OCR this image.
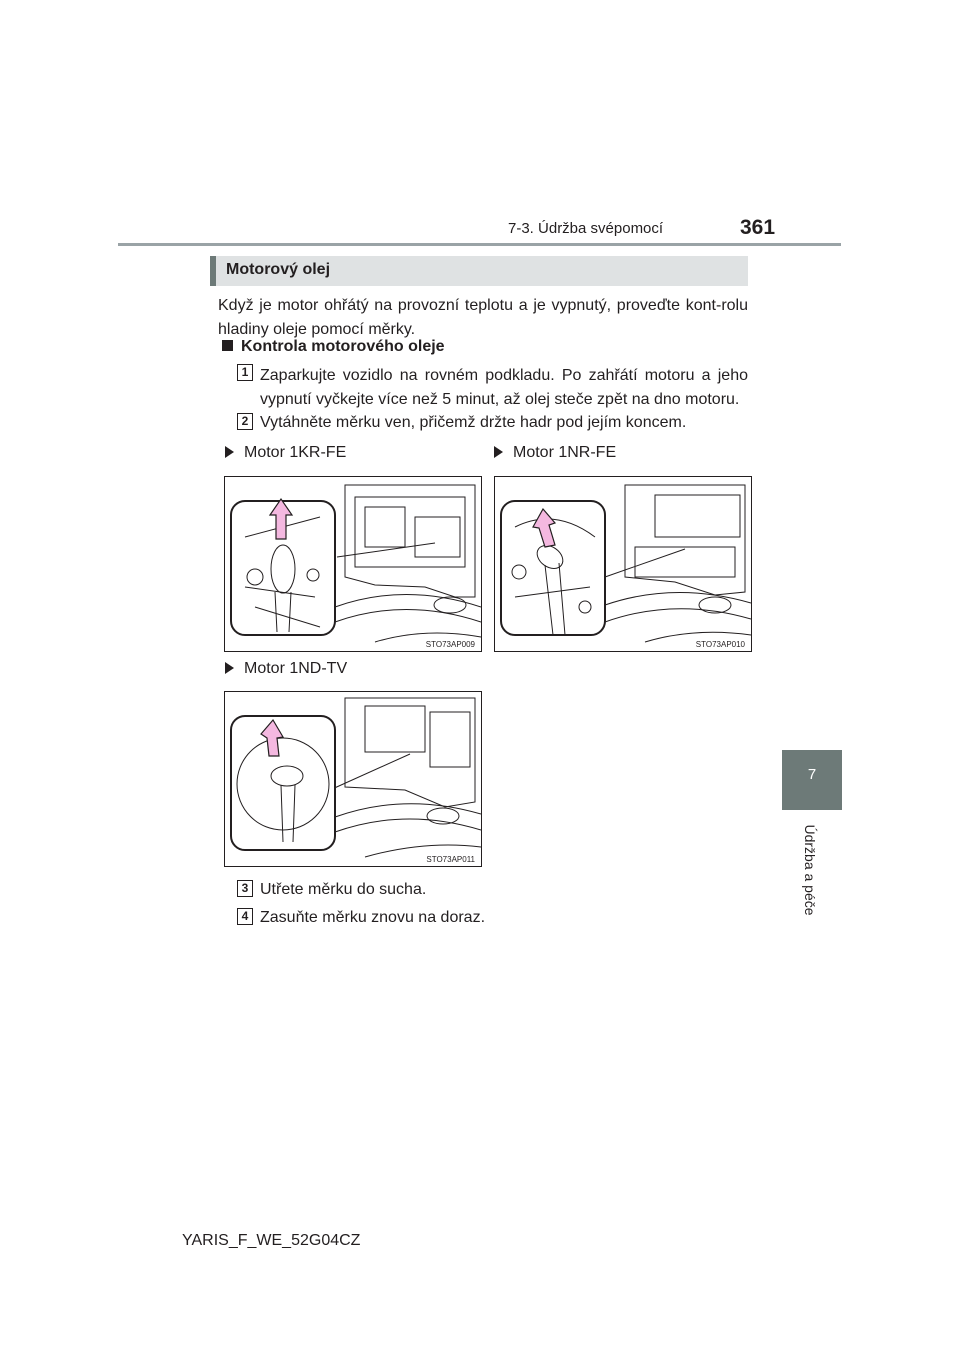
7-3. Údržba svépomocí	361
7
Údržba a péče
Motorový olej
Když je motor ohřátý na provozní teplotu a je vypnutý, proveďte kont-rolu hladiny oleje pomocí měrky.
Kontrola motorového oleje
1 Zaparkujte vozidlo na rovném podkladu. Po zahřátí motoru a jeho vypnutí vyčkejte více než 5 minut, až olej steče zpět na dno motoru.
2 Vytáhněte měrku ven, přičemž držte hadr pod jejím koncem.
Motor 1KR-FE	Motor 1NR-FE
Motor 1ND-TV
STO73AP009	STO73AP010
STO73AP011
3 Utřete měrku do sucha.
4 Zasuňte měrku znovu na doraz.
YARIS_F_WE_52G04CZ
